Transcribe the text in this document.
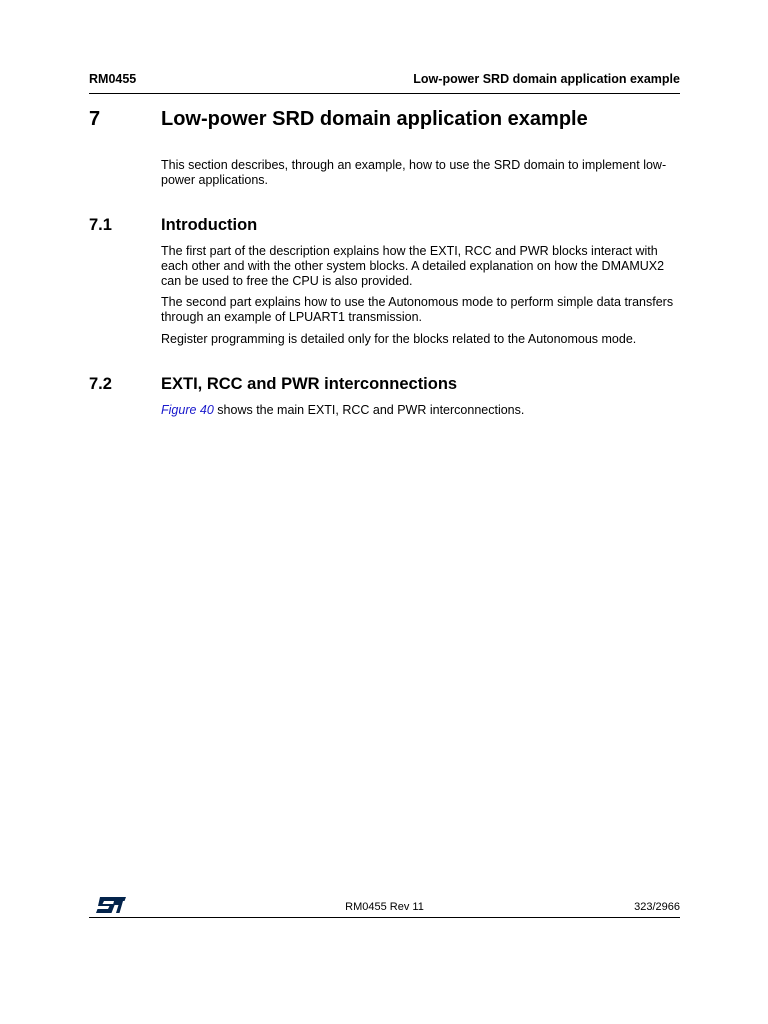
RM0455	Low-power SRD domain application example
7	Low-power SRD domain application example

This section describes, through an example, how to use the SRD domain to implement low-power applications.

7.1	Introduction

The first part of the description explains how the EXTI, RCC and PWR blocks interact with each other and with the other system blocks. A detailed explanation on how the DMAMUX2 can be used to free the CPU is also provided.

The second part explains how to use the Autonomous mode to perform simple data transfers through an example of LPUART1 transmission.

Register programming is detailed only for the blocks related to the Autonomous mode.

7.2	EXTI, RCC and PWR interconnections

Figure 40 shows the main EXTI, RCC and PWR interconnections.

RM0455 Rev 11	323/2966
